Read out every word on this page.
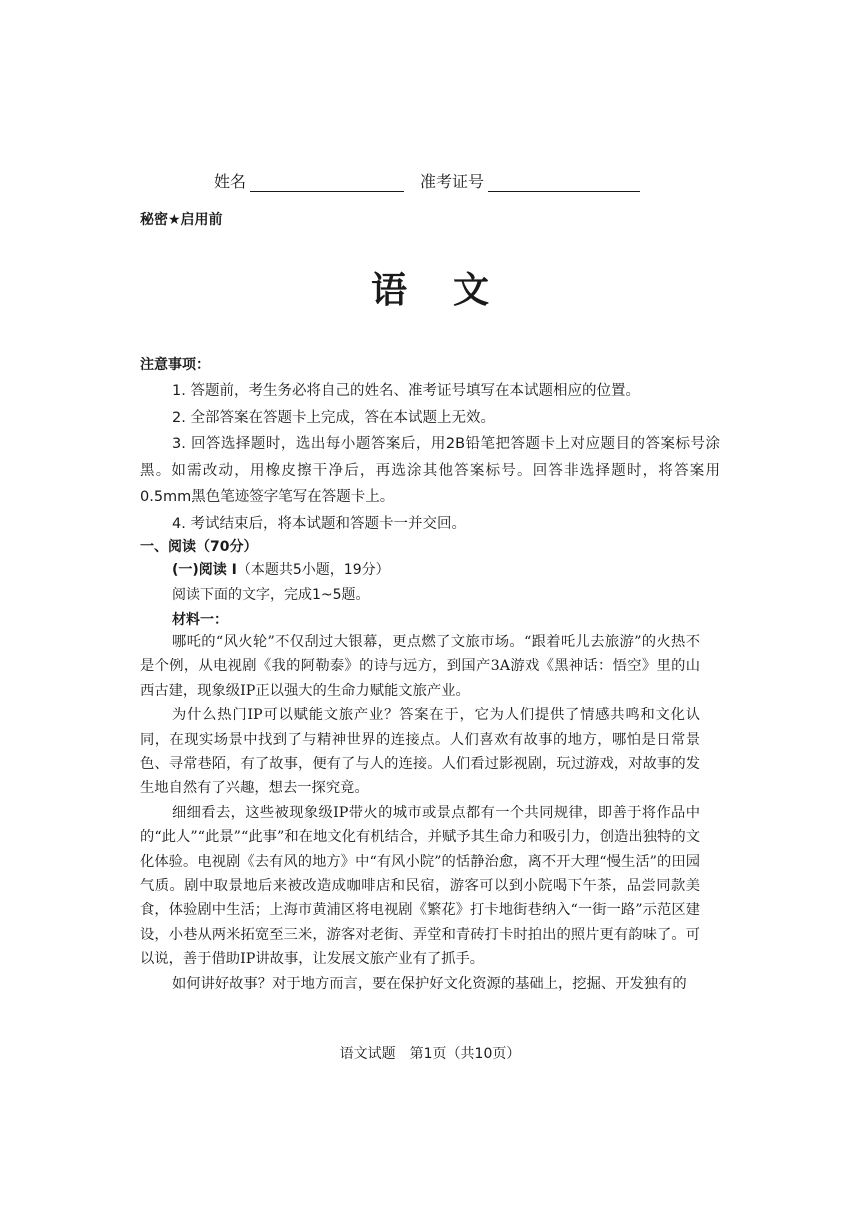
姓名	准考证号
秘密★启用前
语文
注意事项：

1. 答题前，考生务必将自己的姓名、准考证号填写在本试题相应的位置。

2. 全部答案在答题卡上完成，答在本试题上无效。

3. 回答选择题时，选出每小题答案后，用2B铅笔把答题卡上对应题目的答案标号涂黑。如需改动，用橡皮擦干净后，再选涂其他答案标号。回答非选择题时，将答案用0.5mm黑色笔迹签字笔写在答题卡上。

4. 考试结束后，将本试题和答题卡一并交回。

一、阅读（70分）
(一)阅读 Ⅰ（本题共5小题，19分）
阅读下面的文字，完成1~5题。
材料一：

哪吒的“风火轮”不仅刮过大银幕，更点燃了文旅市场。“跟着吒儿去旅游”的火热不是个例，从电视剧《我的阿勒泰》的诗与远方，到国产3A游戏《黑神话：悟空》里的山西古建，现象级IP正以强大的生命力赋能文旅产业。

为什么热门IP可以赋能文旅产业？答案在于，它为人们提供了情感共鸣和文化认同，在现实场景中找到了与精神世界的连接点。人们喜欢有故事的地方，哪怕是日常景色、寻常巷陌，有了故事，便有了与人的连接。人们看过影视剧，玩过游戏，对故事的发生地自然有了兴趣，想去一探究竟。

细细看去，这些被现象级IP带火的城市或景点都有一个共同规律，即善于将作品中的“此人”“此景”“此事”和在地文化有机结合，并赋予其生命力和吸引力，创造出独特的文化体验。电视剧《去有风的地方》中“有风小院”的恬静治愈，离不开大理“慢生活”的田园气质。剧中取景地后来被改造成咖啡店和民宿，游客可以到小院喝下午茶，品尝同款美食，体验剧中生活；上海市黄浦区将电视剧《繁花》打卡地街巷纳入“一街一路”示范区建设，小巷从两米拓宽至三米，游客对老街、弄堂和青砖打卡时拍出的照片更有韵味了。可以说，善于借助IP讲故事，让发展文旅产业有了抓手。

如何讲好故事？对于地方而言，要在保护好文化资源的基础上，挖掘、开发独有的

语文试题　第1页（共10页）
